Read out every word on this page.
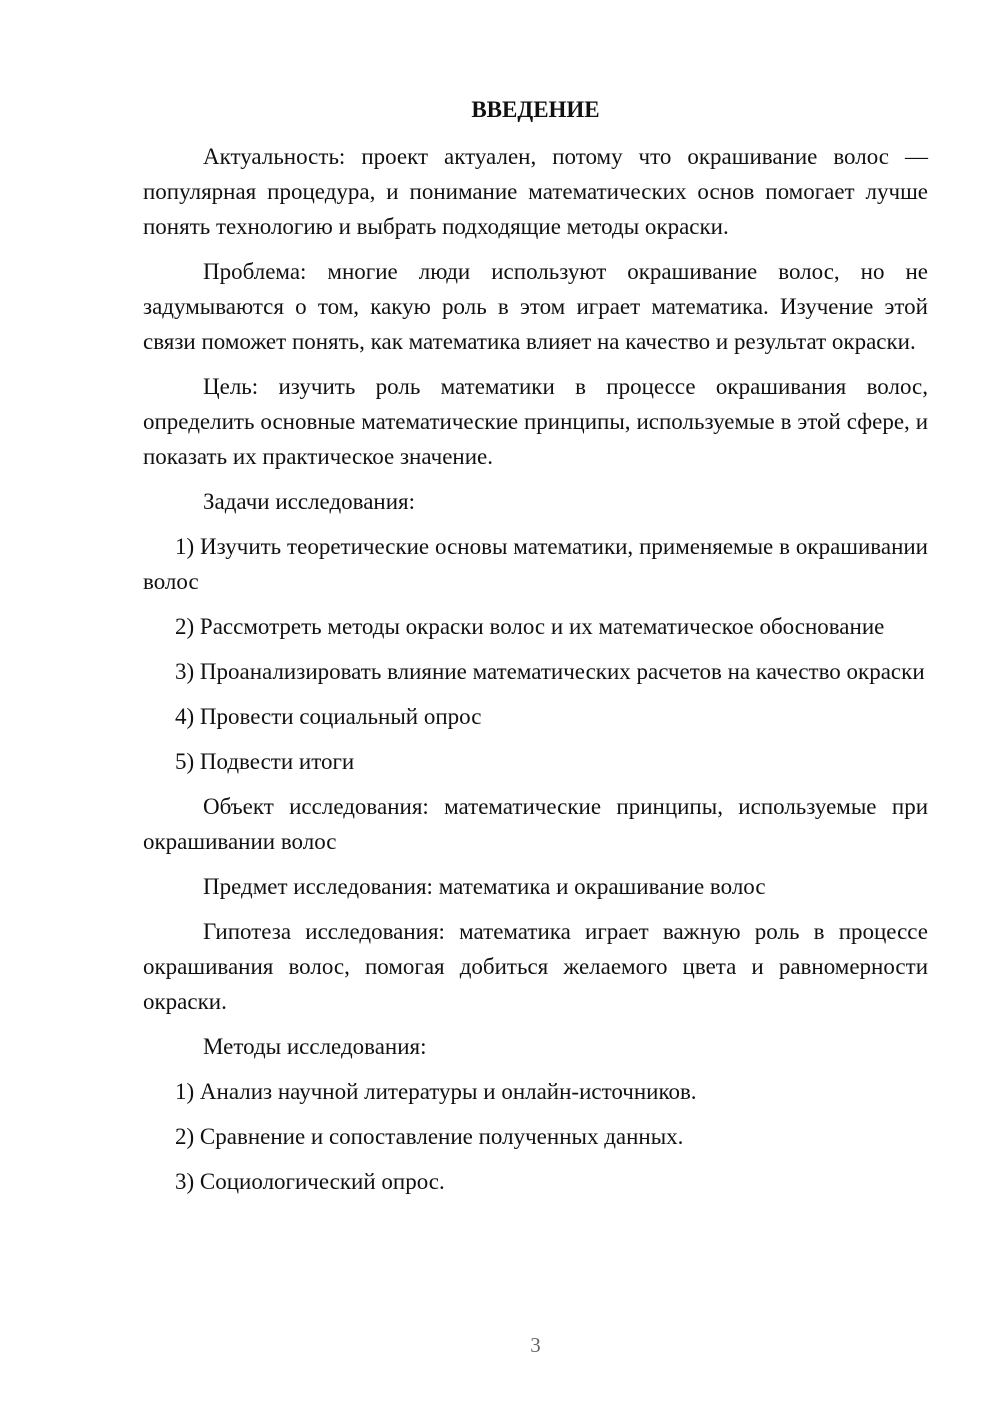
ВВЕДЕНИЕ

Актуальность: проект актуален, потому что окрашивание волос — популярная процедура, и понимание математических основ помогает лучше понять технологию и выбрать подходящие методы окраски.

Проблема: многие люди используют окрашивание волос, но не задумываются о том, какую роль в этом играет математика. Изучение этой связи поможет понять, как математика влияет на качество и результат окраски.

Цель: изучить роль математики в процессе окрашивания волос, определить основные математические принципы, используемые в этой сфере, и показать их практическое значение.

Задачи исследования:

1) Изучить теоретические основы математики, применяемые в окрашивании волос

2) Рассмотреть методы окраски волос и их математическое обоснование

3) Проанализировать влияние математических расчетов на качество окраски

4) Провести социальный опрос

5) Подвести итоги

Объект исследования: математические принципы, используемые при окрашивании волос

Предмет исследования: математика и окрашивание волос

Гипотеза исследования: математика играет важную роль в процессе окрашивания волос, помогая добиться желаемого цвета и равномерности окраски.

Методы исследования:

1) Анализ научной литературы и онлайн-источников.

2) Сравнение и сопоставление полученных данных.

3) Социологический опрос.

3
